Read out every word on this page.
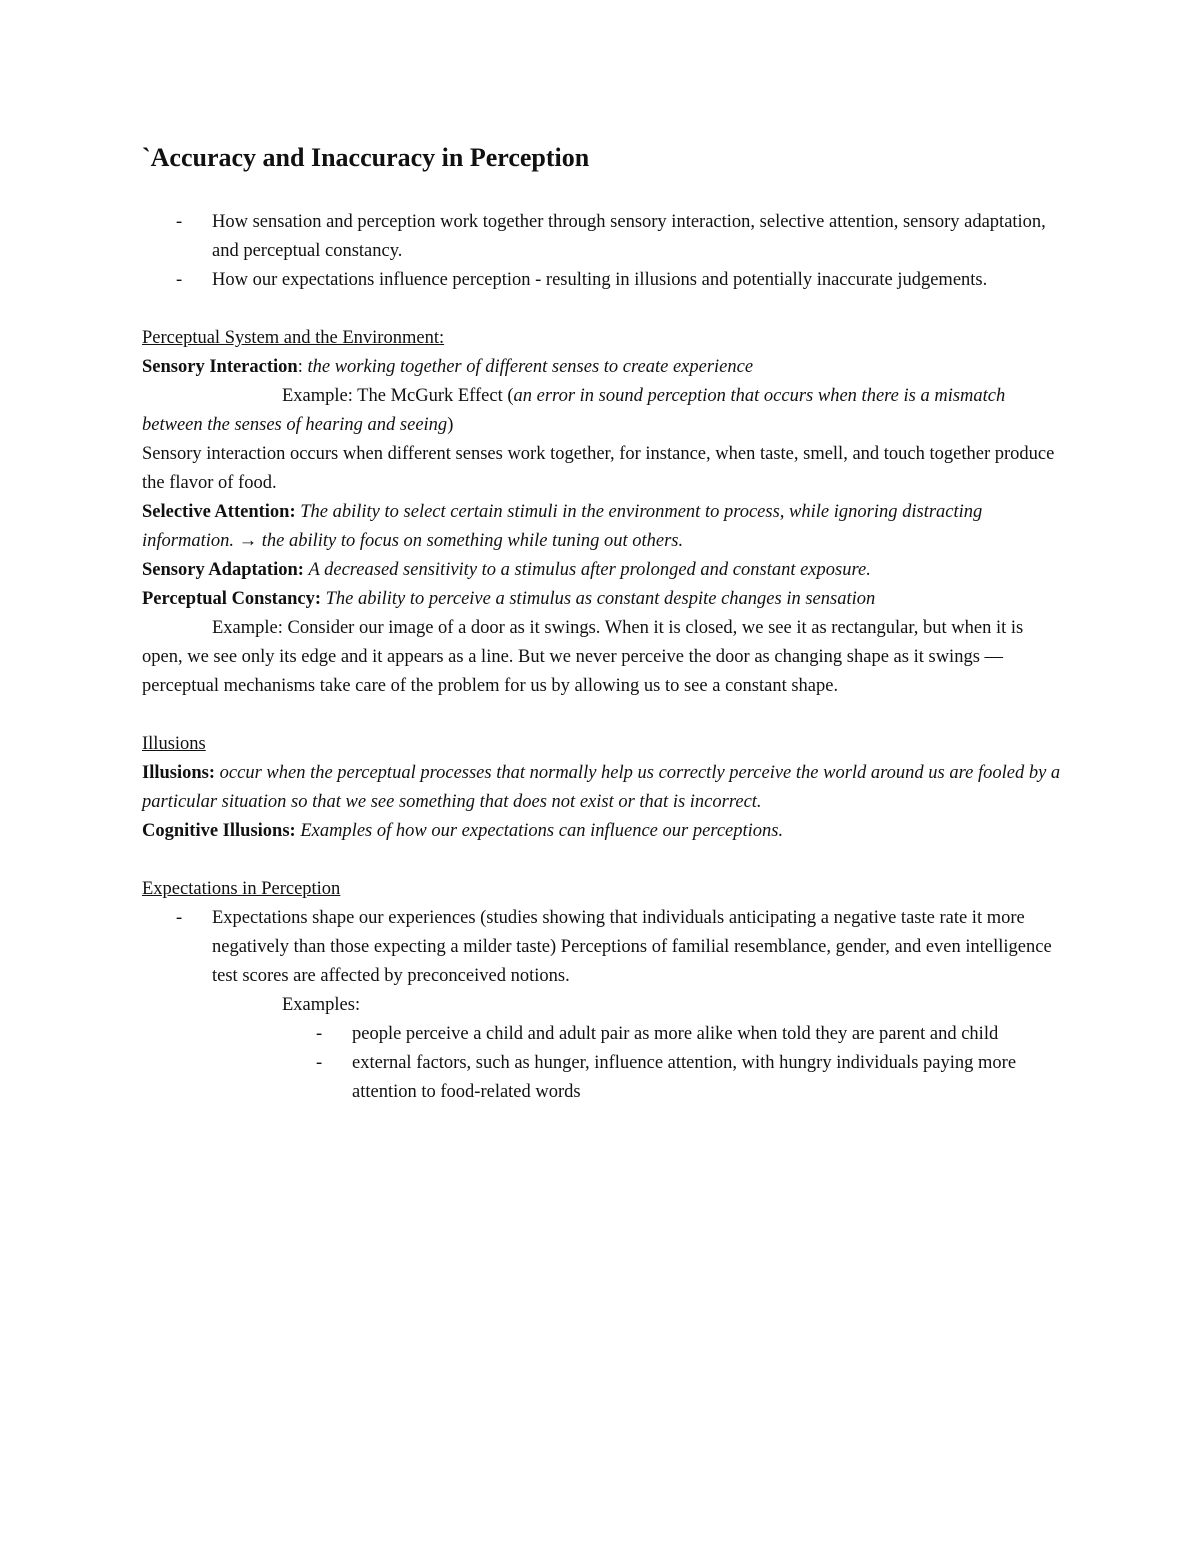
`Accuracy and Inaccuracy in Perception
- How sensation and perception work together through sensory interaction, selective attention, sensory adaptation, and perceptual constancy.
- How our expectations influence perception - resulting in illusions and potentially inaccurate judgements.

Perceptual System and the Environment:

Sensory Interaction: the working together of different senses to create experience

Example: The McGurk Effect (an error in sound perception that occurs when there is a mismatch between the senses of hearing and seeing)

Sensory interaction occurs when different senses work together, for instance, when taste, smell, and touch together produce the flavor of food.

Selective Attention: The ability to select certain stimuli in the environment to process, while ignoring distracting information. → the ability to focus on something while tuning out others.

Sensory Adaptation: A decreased sensitivity to a stimulus after prolonged and constant exposure.

Perceptual Constancy: The ability to perceive a stimulus as constant despite changes in sensation

Example: Consider our image of a door as it swings. When it is closed, we see it as rectangular, but when it is open, we see only its edge and it appears as a line. But we never perceive the door as changing shape as it swings — perceptual mechanisms take care of the problem for us by allowing us to see a constant shape.

Illusions

Illusions: occur when the perceptual processes that normally help us correctly perceive the world around us are fooled by a particular situation so that we see something that does not exist or that is incorrect.

Cognitive Illusions: Examples of how our expectations can influence our perceptions.

Expectations in Perception

- Expectations shape our experiences (studies showing that individuals anticipating a negative taste rate it more negatively than those expecting a milder taste) Perceptions of familial resemblance, gender, and even intelligence test scores are affected by preconceived notions.

Examples:

- people perceive a child and adult pair as more alike when told they are parent and child
- external factors, such as hunger, influence attention, with hungry individuals paying more attention to food-related words
